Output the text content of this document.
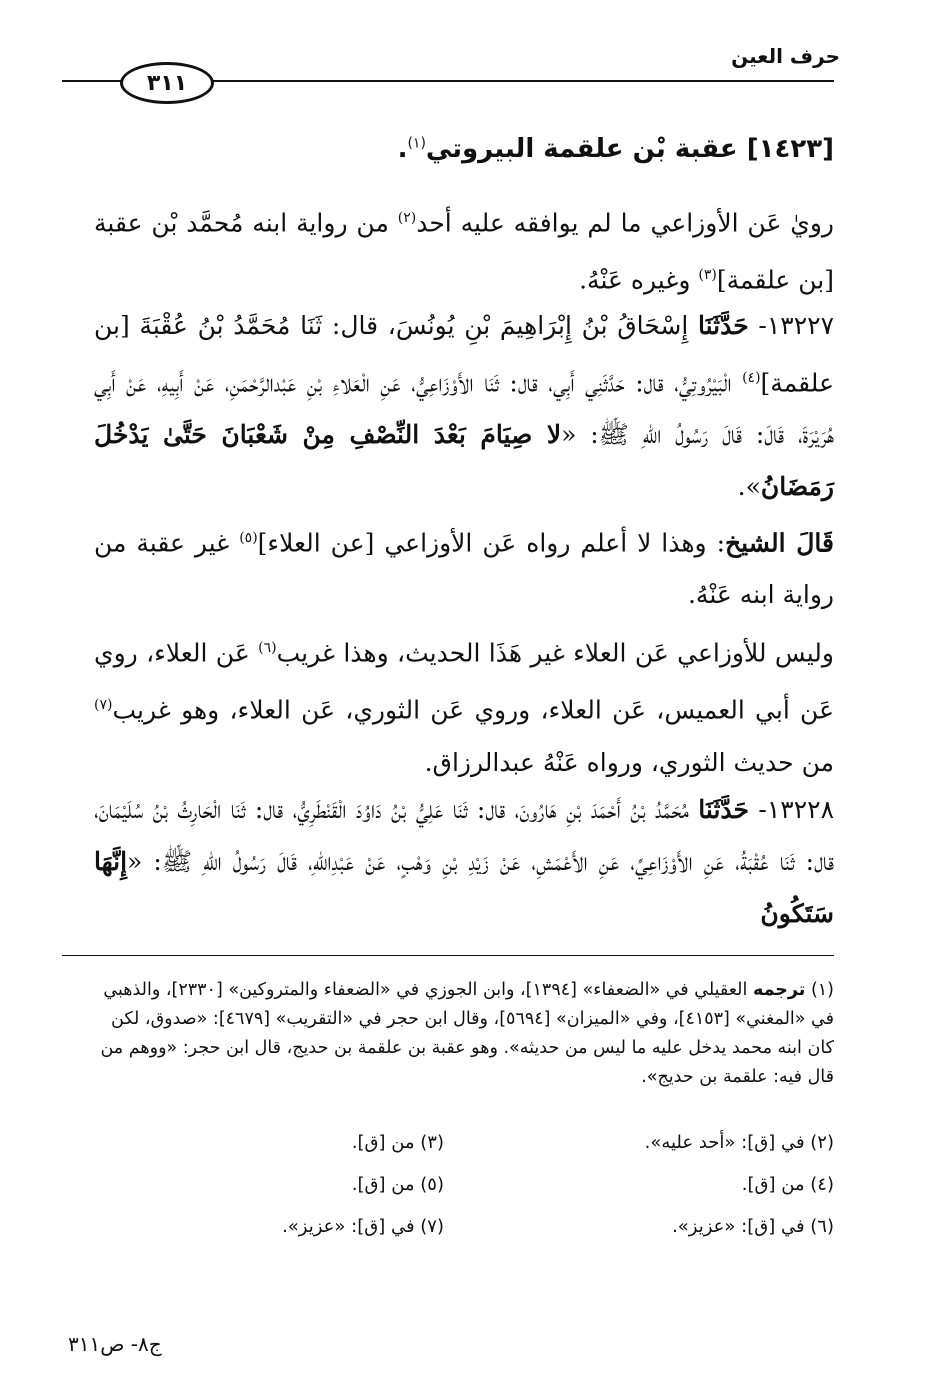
حرف العين
٣١١
[١٤٢٣] عقبة بْن علقمة البيروتي$^{(١)}$.
رويٰ عَن الأوزاعي ما لم يوافقه عليه أحد$^{(٢)}$ من رواية ابنه مُحمَّد بْن عقبة [بن علقمة]$^{(٣)}$ وغيره عَنْهُ.
١٣٢٢٧- حَدَّثَنَا إِسْحَاقُ بْنُ إِبْرَاهِيمَ بْنِ يُونُسَ، قال: ثَنَا مُحَمَّدُ بْنُ عُقْبَةَ [بن علقمة]$^{(٤)}$ الْبَيْرُوتِيُّ، قال: حَدَّثَنِي أَبِي، قال: ثَنَا الأَوْزَاعِيُّ، عَنِ الْعَلاءِ بْنِ عَبْدالرَّحْمَنِ، عَنْ أَبِيهِ، عَنْ أَبِي هُرَيْرَةَ، قَالَ: قَالَ رَسُولُ اللهِ ﷺ: «لا صِيَامَ بَعْدَ النِّصْفِ مِنْ شَعْبَانَ حَتَّىٰ يَدْخُلَ رَمَضَانُ».
قَالَ الشيخ: وهذا لا أعلم رواه عَن الأوزاعي [عن العلاء]$^{(٥)}$ غير عقبة من رواية ابنه عَنْهُ.
وليس للأوزاعي عَن العلاء غير هَذَا الحديث، وهذا غريب$^{(٦)}$ عَن العلاء، روي عَن أبي العميس، عَن العلاء، وروي عَن الثوري، عَن العلاء، وهو غريب$^{(٧)}$ من حديث الثوري، ورواه عَنْهُ عبدالرزاق.
١٣٢٢٨- حَدَّثَنَا مُحَمَّدُ بْنُ أَحْمَدَ بْنِ هَارُونَ، قال: ثَنَا عَلِيُّ بْنُ دَاوُدَ الْقَنْطَرِيُّ، قال: ثَنَا الْحَارِثُ بْنُ سُلَيْمَانَ، قال: ثَنَا عُقْبَةُ، عَنِ الأَوْزَاعِيِّ، عَنِ الأَعْمَشِ، عَنْ زَيْدِ بْنِ وَهْبٍ، عَنْ عَبْدِاللهِ، قَالَ رَسُولُ اللهِ ﷺ: «إِنَّهَا سَتَكُونُ
(١) ترجمه العقيلي في «الضعفاء» [١٣٩٤]، وابن الجوزي في «الضعفاء والمتروكين» [٢٣٣٠]، والذهبي في «المغني» [٤١٥٣]، وفي «الميزان» [٥٦٩٤]، وقال ابن حجر في «التقريب» [٤٦٧٩]: «صدوق، لكن كان ابنه محمد يدخل عليه ما ليس من حديثه». وهو عقبة بن علقمة بن حديج، قال ابن حجر: «ووهم من قال فيه: علقمة بن حديج».
(٢) في [ق]: «أحد عليه».
(٣) من [ق].
(٤) من [ق].
(٥) من [ق].
(٦) في [ق]: «عزيز».
(٧) في [ق]: «عزيز».
ج٨- ص٣١١
